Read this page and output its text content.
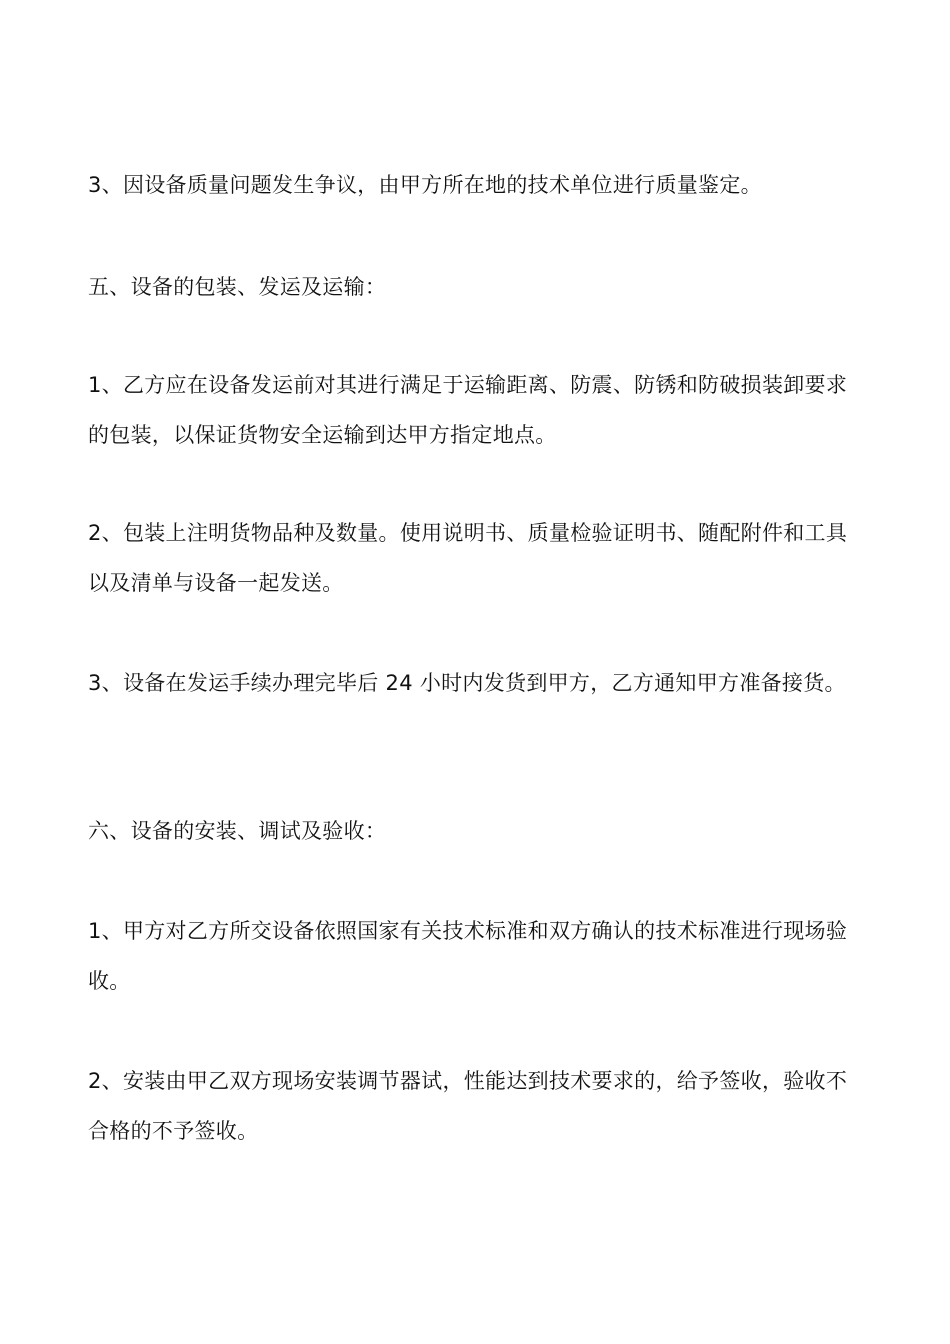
3、因设备质量问题发生争议，由甲方所在地的技术单位进行质量鉴定。

五、设备的包装、发运及运输：

1、乙方应在设备发运前对其进行满足于运输距离、防震、防锈和防破损装卸要求的包装，以保证货物安全运输到达甲方指定地点。

2、包装上注明货物品种及数量。使用说明书、质量检验证明书、随配附件和工具以及清单与设备一起发送。

3、设备在发运手续办理完毕后 24 小时内发货到甲方，乙方通知甲方准备接货。

六、设备的安装、调试及验收：

1、甲方对乙方所交设备依照国家有关技术标准和双方确认的技术标准进行现场验收。

2、安装由甲乙双方现场安装调节器试，性能达到技术要求的，给予签收，验收不合格的不予签收。
